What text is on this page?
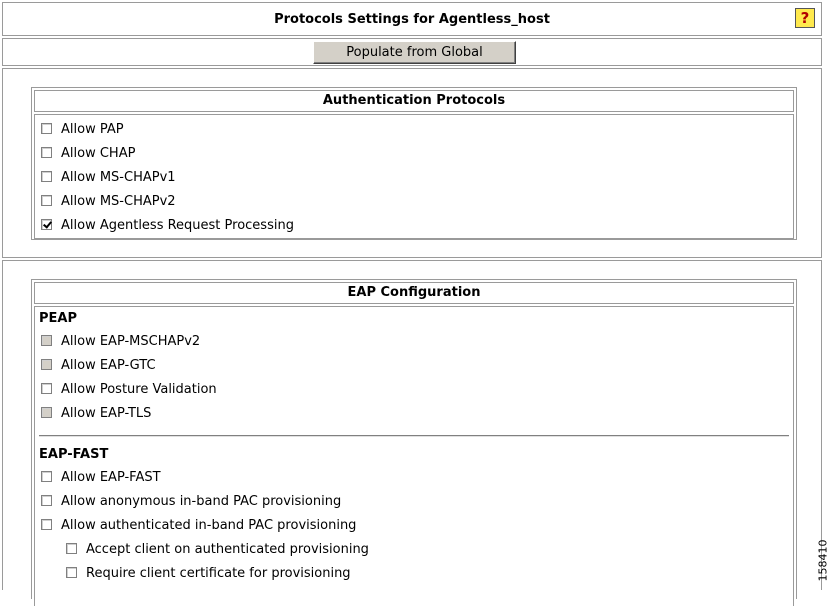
Protocols Settings for Agentless_host	?
Populate from Global
Authentication Protocols
Allow PAP
Allow CHAP
Allow MS-CHAPv1
Allow MS-CHAPv2
Allow Agentless Request Processing
EAP Configuration
PEAP
Allow EAP-MSCHAPv2
Allow EAP-GTC
Allow Posture Validation
Allow EAP-TLS
EAP-FAST
Allow EAP-FAST
Allow anonymous in-band PAC provisioning
Allow authenticated in-band PAC provisioning
Accept client on authenticated provisioning
Require client certificate for provisioning	158410
